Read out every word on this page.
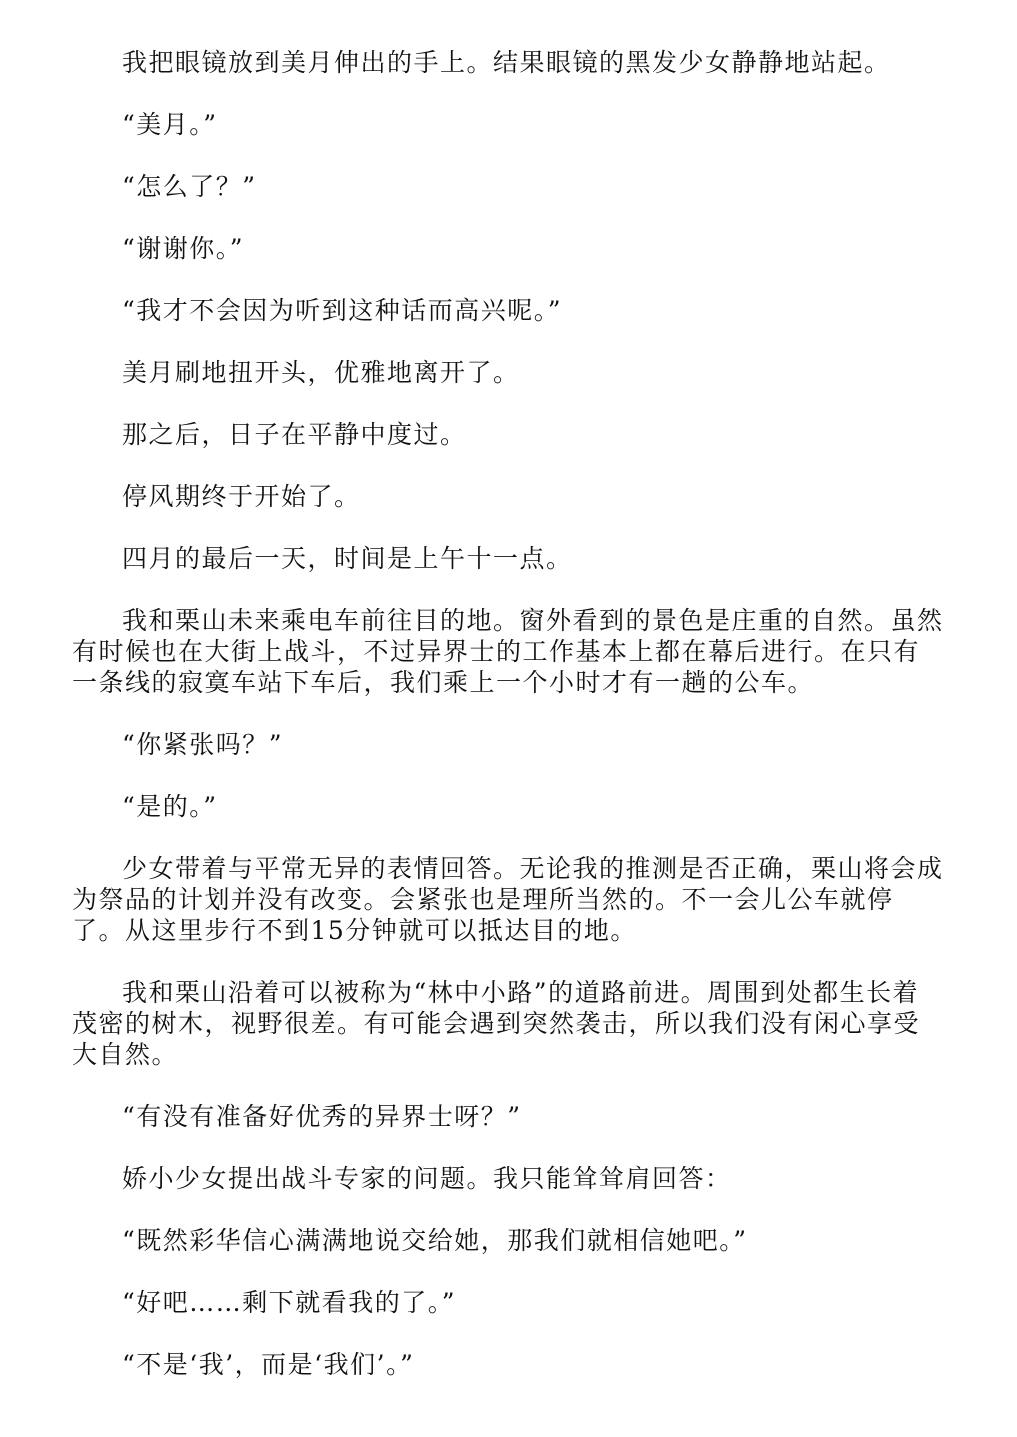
我把眼镜放到美月伸出的手上。结果眼镜的黑发少女静静地站起。

“美月。”

“怎么了？”

“谢谢你。”

“我才不会因为听到这种话而高兴呢。”

美月刷地扭开头，优雅地离开了。

那之后，日子在平静中度过。

停风期终于开始了。

四月的最后一天，时间是上午十一点。

我和栗山未来乘电车前往目的地。窗外看到的景色是庄重的自然。虽然有时候也在大街上战斗，不过异界士的工作基本上都在幕后进行。在只有一条线的寂寞车站下车后，我们乘上一个小时才有一趟的公车。

“你紧张吗？”

“是的。”

少女带着与平常无异的表情回答。无论我的推测是否正确，栗山将会成为祭品的计划并没有改变。会紧张也是理所当然的。不一会儿公车就停了。从这里步行不到15分钟就可以抵达目的地。

我和栗山沿着可以被称为“林中小路”的道路前进。周围到处都生长着茂密的树木，视野很差。有可能会遇到突然袭击，所以我们没有闲心享受大自然。

“有没有准备好优秀的异界士呀？”

娇小少女提出战斗专家的问题。我只能耸耸肩回答：

“既然彩华信心满满地说交给她，那我们就相信她吧。”

“好吧……剩下就看我的了。”

“不是‘我’，而是‘我们’。”
